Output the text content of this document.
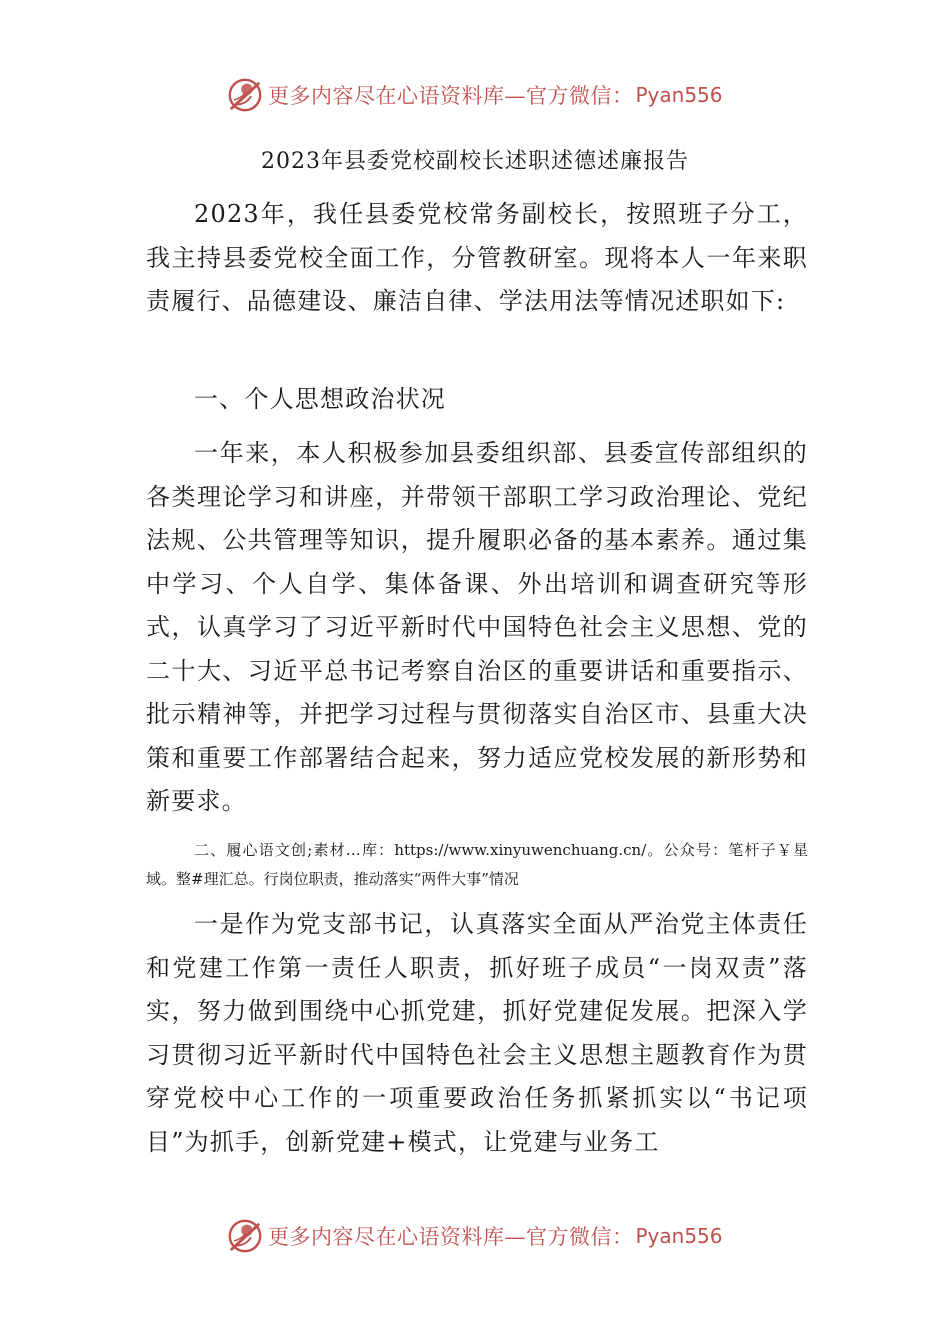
更多内容尽在心语资料库—官方微信： Pyan556
2023年县委党校副校长述职述德述廉报告

2023年，我任县委党校常务副校长，按照班子分工，我主持县委党校全面工作，分管教研室。现将本人一年来职责履行、品德建设、廉洁自律、学法用法等情况述职如下:

一、个人思想政治状况

一年来，本人积极参加县委组织部、县委宣传部组织的各类理论学习和讲座，并带领干部职工学习政治理论、党纪法规、公共管理等知识，提升履职必备的基本素养。通过集中学习、个人自学、集体备课、外出培训和调查研究等形式，认真学习了习近平新时代中国特色社会主义思想、党的二十大、习近平总书记考察自治区的重要讲话和重要指示、批示精神等，并把学习过程与贯彻落实自治区市、县重大决策和重要工作部署结合起来，努力适应党校发展的新形势和新要求。

二、履心语文创;素材…库：https://www.xinyuwenchuang.cn/。公众号：笔杆子￥星域。整#理汇总。行岗位职责，推动落实“两件大事”情况

一是作为党支部书记，认真落实全面从严治党主体责任和党建工作第一责任人职责，抓好班子成员“一岗双责”落实，努力做到围绕中心抓党建，抓好党建促发展。把深入学习贯彻习近平新时代中国特色社会主义思想主题教育作为贯穿党校中心工作的一项重要政治任务抓紧抓实以“书记项目”为抓手，创新党建+模式，让党建与业务工

更多内容尽在心语资料库—官方微信： Pyan556
